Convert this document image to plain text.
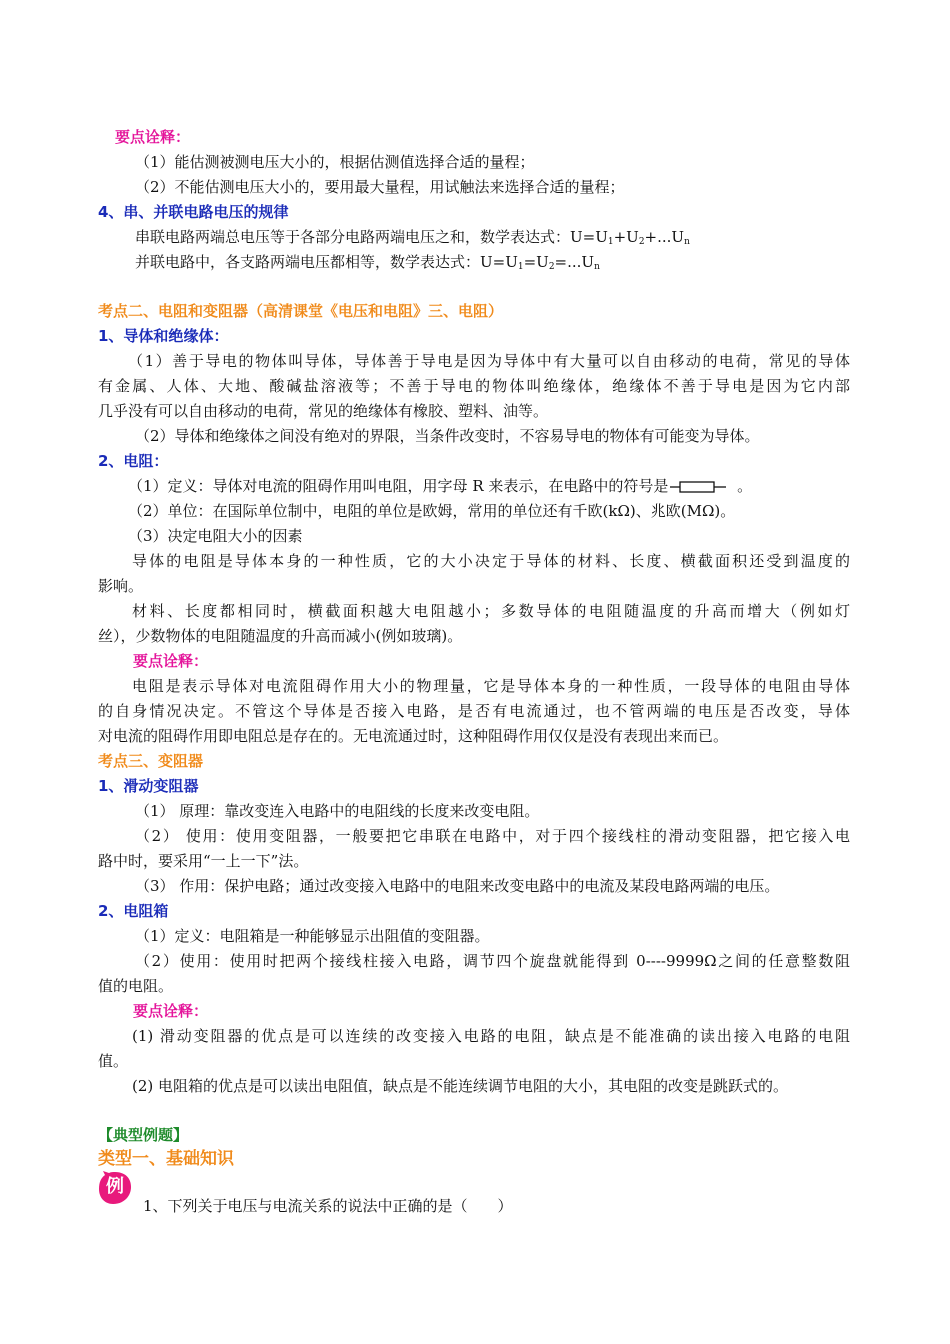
要点诠释：
（1）能估测被测电压大小的，根据估测值选择合适的量程；
（2）不能估测电压大小的，要用最大量程，用试触法来选择合适的量程；
4、串、并联电路电压的规律
串联电路两端总电压等于各部分电路两端电压之和，数学表达式：$U=U_1+U_2+...U_n$
并联电路中，各支路两端电压都相等，数学表达式：$U=U_1=U_2=...U_n$
考点二、电阻和变阻器（高清课堂《电压和电阻》三、电阻）
1、导体和绝缘体：
（1）善于导电的物体叫导体，导体善于导电是因为导体中有大量可以自由移动的电荷，常见的导体
有金属、人体、大地、酸碱盐溶液等；不善于导电的物体叫绝缘体，绝缘体不善于导电是因为它内部
几乎没有可以自由移动的电荷，常见的绝缘体有橡胶、塑料、油等。
（2）导体和绝缘体之间没有绝对的界限，当条件改变时，不容易导电的物体有可能变为导体。
2、电阻：
（1）定义：导体对电流的阻碍作用叫电阻，用字母 R 来表示，在电路中的符号是	。
（2）单位：在国际单位制中，电阻的单位是欧姆，常用的单位还有千欧(kΩ)、兆欧(MΩ)。
（3）决定电阻大小的因素
导体的电阻是导体本身的一种性质，它的大小决定于导体的材料、长度、横截面积还受到温度的
影响。
材料、长度都相同时，横截面积越大电阻越小；多数导体的电阻随温度的升高而增大（例如灯
丝），少数物体的电阻随温度的升高而减小(例如玻璃)。
要点诠释：
电阻是表示导体对电流阻碍作用大小的物理量，它是导体本身的一种性质，一段导体的电阻由导体
的自身情况决定。不管这个导体是否接入电路，是否有电流通过，也不管两端的电压是否改变，导体
对电流的阻碍作用即电阻总是存在的。无电流通过时，这种阻碍作用仅仅是没有表现出来而已。
考点三、变阻器
1、滑动变阻器
（1） 原理：靠改变连入电路中的电阻线的长度来改变电阻。
（2） 使用：使用变阻器，一般要把它串联在电路中，对于四个接线柱的滑动变阻器，把它接入电
路中时，要采用“一上一下”法。
（3） 作用：保护电路；通过改变接入电路中的电阻来改变电路中的电流及某段电路两端的电压。
2、电阻箱
（1）定义：电阻箱是一种能够显示出阻值的变阻器。
（2）使用：使用时把两个接线柱接入电路，调节四个旋盘就能得到 0----9999Ω之间的任意整数阻
值的电阻。
要点诠释：
(1) 滑动变阻器的优点是可以连续的改变接入电路的电阻，缺点是不能准确的读出接入电路的电阻
值。
(2) 电阻箱的优点是可以读出电阻值，缺点是不能连续调节电阻的大小，其电阻的改变是跳跃式的。
【典型例题】
类型一、基础知识
例
1、下列关于电压与电流关系的说法中正确的是（　　）
